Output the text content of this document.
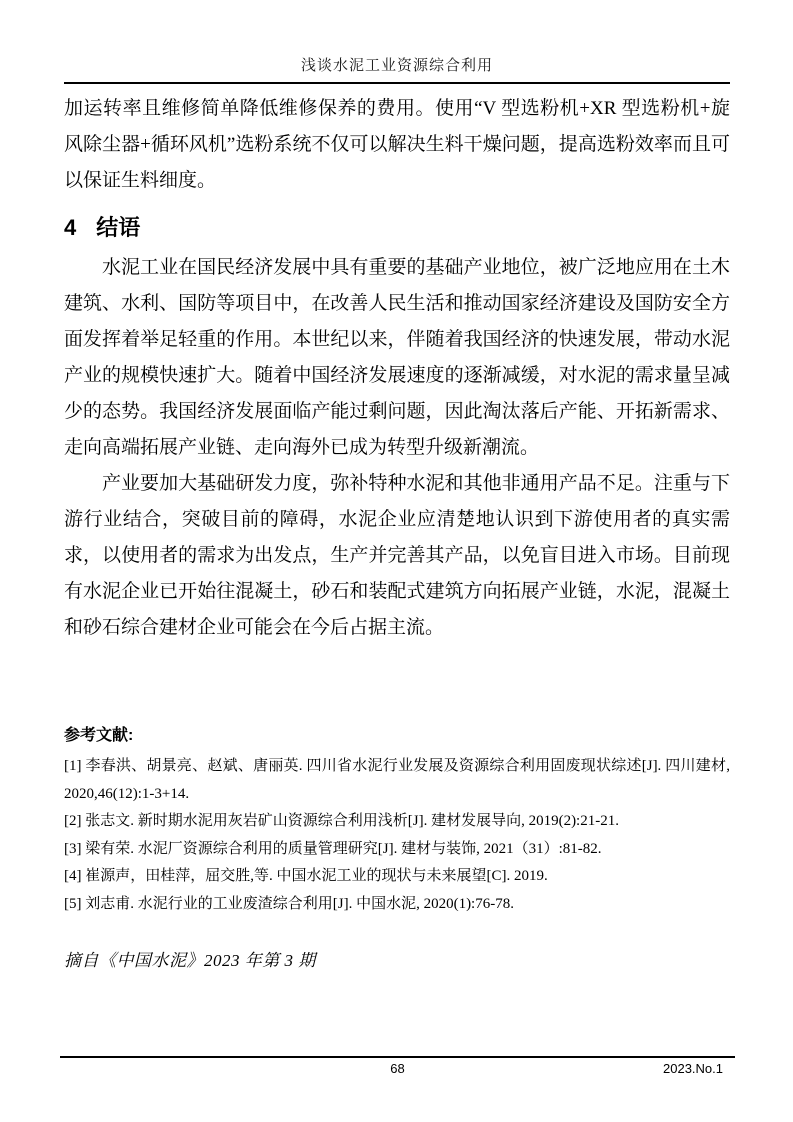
浅谈水泥工业资源综合利用
加运转率且维修简单降低维修保养的费用。使用“V 型选粉机+XR 型选粉机+旋风除尘器+循环风机”选粉系统不仅可以解决生料干燥问题，提高选粉效率而且可以保证生料细度。
4 结语
水泥工业在国民经济发展中具有重要的基础产业地位，被广泛地应用在土木建筑、水利、国防等项目中，在改善人民生活和推动国家经济建设及国防安全方面发挥着举足轻重的作用。本世纪以来，伴随着我国经济的快速发展，带动水泥产业的规模快速扩大。随着中国经济发展速度的逐渐减缓，对水泥的需求量呈减少的态势。我国经济发展面临产能过剩问题，因此淘汰落后产能、开拓新需求、走向高端拓展产业链、走向海外已成为转型升级新潮流。
产业要加大基础研发力度，弥补特种水泥和其他非通用产品不足。注重与下游行业结合，突破目前的障碍，水泥企业应清楚地认识到下游使用者的真实需求，以使用者的需求为出发点，生产并完善其产品，以免盲目进入市场。目前现有水泥企业已开始往混凝土，砂石和装配式建筑方向拓展产业链，水泥，混凝土和砂石综合建材企业可能会在今后占据主流。
参考文献:
[1] 李春洪、胡景亮、赵斌、唐丽英. 四川省水泥行业发展及资源综合利用固废现状综述[J]. 四川建材, 2020,46(12):1-3+14.
[2] 张志文. 新时期水泥用灰岩矿山资源综合利用浅析[J]. 建材发展导向, 2019(2):21-21.
[3] 梁有荣. 水泥厂资源综合利用的质量管理研究[J]. 建材与装饰, 2021（31）:81-82.
[4] 崔源声，田桂萍，屈交胜,等. 中国水泥工业的现状与未来展望[C]. 2019.
[5] 刘志甫. 水泥行业的工业废渣综合利用[J]. 中国水泥, 2020(1):76-78.
摘自《中国水泥》2023 年第 3 期
68	2023.No.1
